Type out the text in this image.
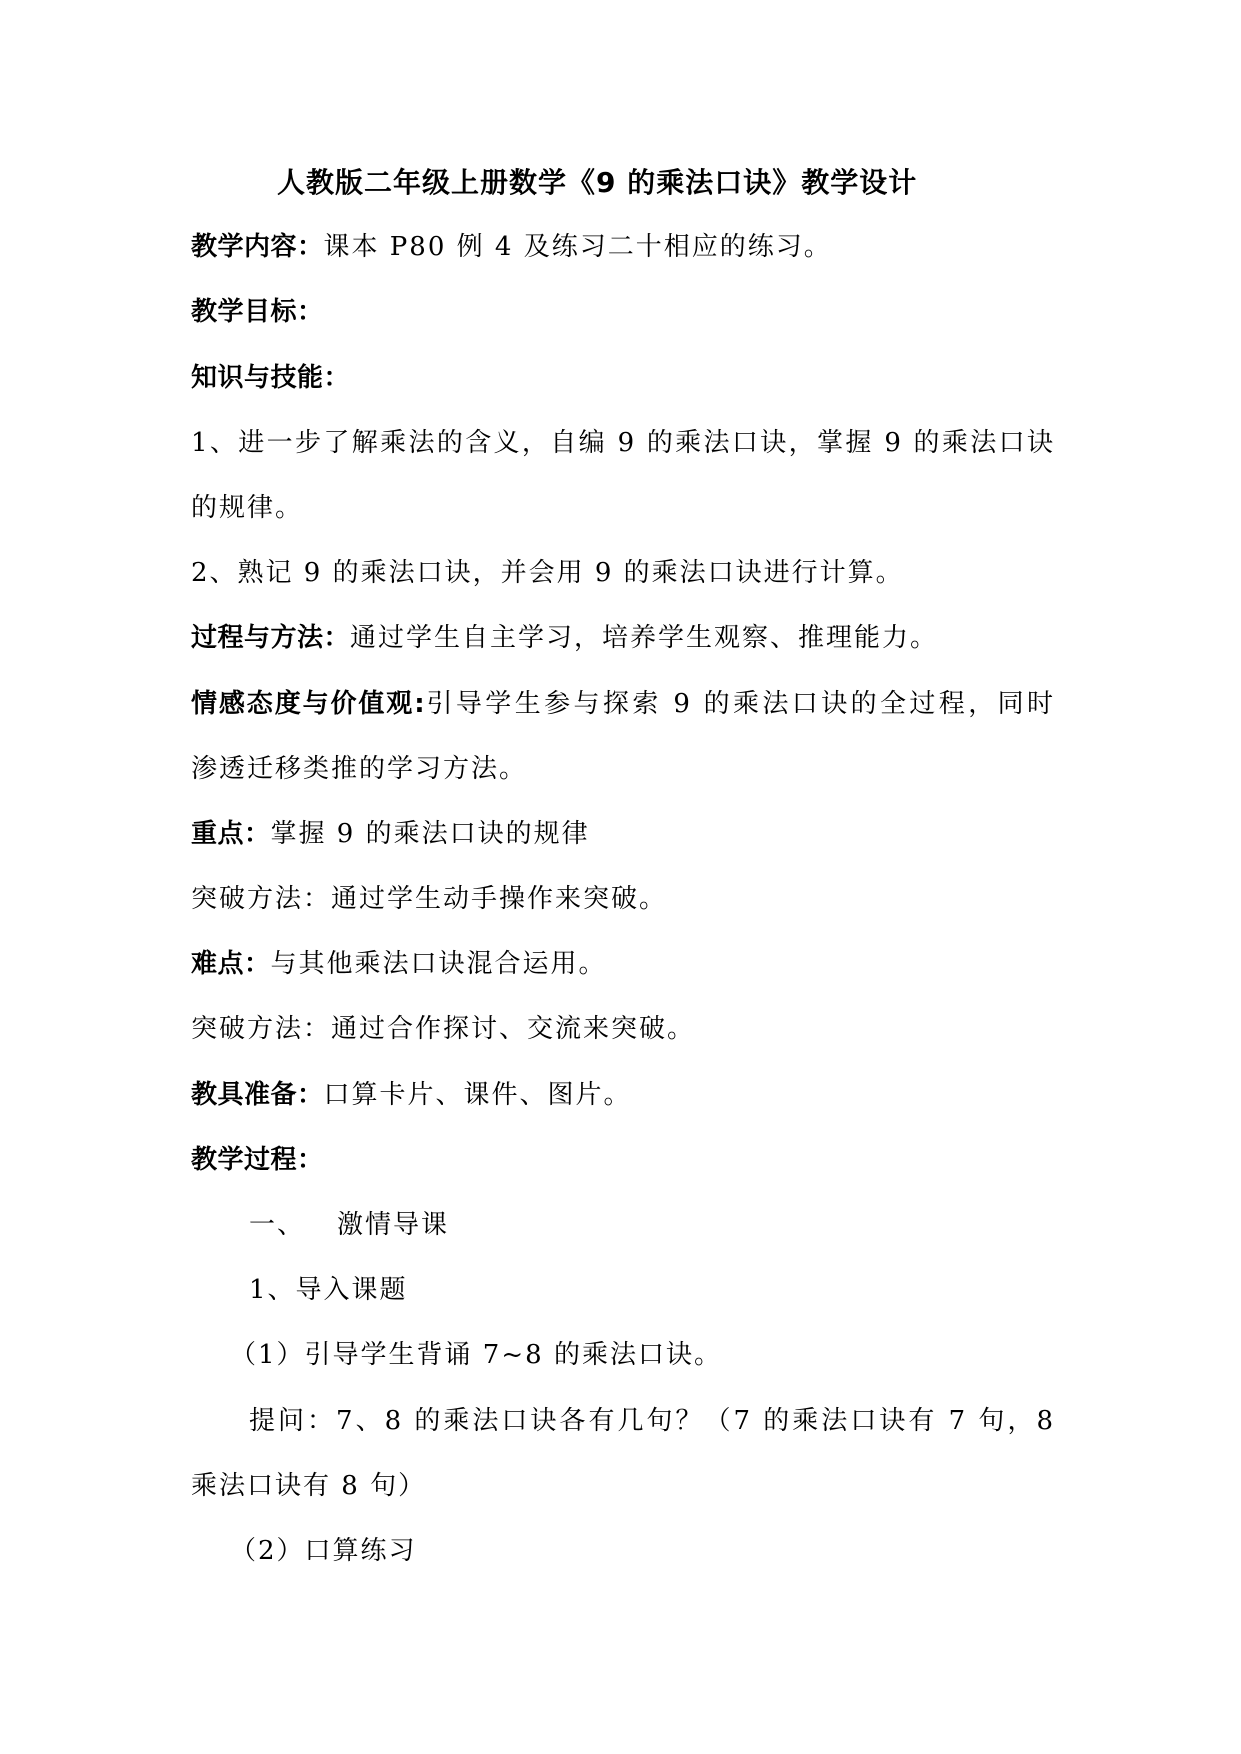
人教版二年级上册数学《9 的乘法口诀》教学设计
教学内容：课本 P80 例 4 及练习二十相应的练习。
教学目标：
知识与技能：
1、进一步了解乘法的含义，自编 9 的乘法口诀，掌握 9 的乘法口诀
的规律。
2、熟记 9 的乘法口诀，并会用 9 的乘法口诀进行计算。
过程与方法：通过学生自主学习，培养学生观察、推理能力。
情感态度与价值观:引导学生参与探索 9 的乘法口诀的全过程，同时
渗透迁移类推的学习方法。
重点：掌握 9 的乘法口诀的规律
突破方法：通过学生动手操作来突破。
难点：与其他乘法口诀混合运用。
突破方法：通过合作探讨、交流来突破。
教具准备：口算卡片、课件、图片。
教学过程：
一、 激情导课
1、导入课题
（1）引导学生背诵 7~8 的乘法口诀。
提问：7、8 的乘法口诀各有几句？（7 的乘法口诀有 7 句，8
乘法口诀有 8 句）
（2）口算练习
